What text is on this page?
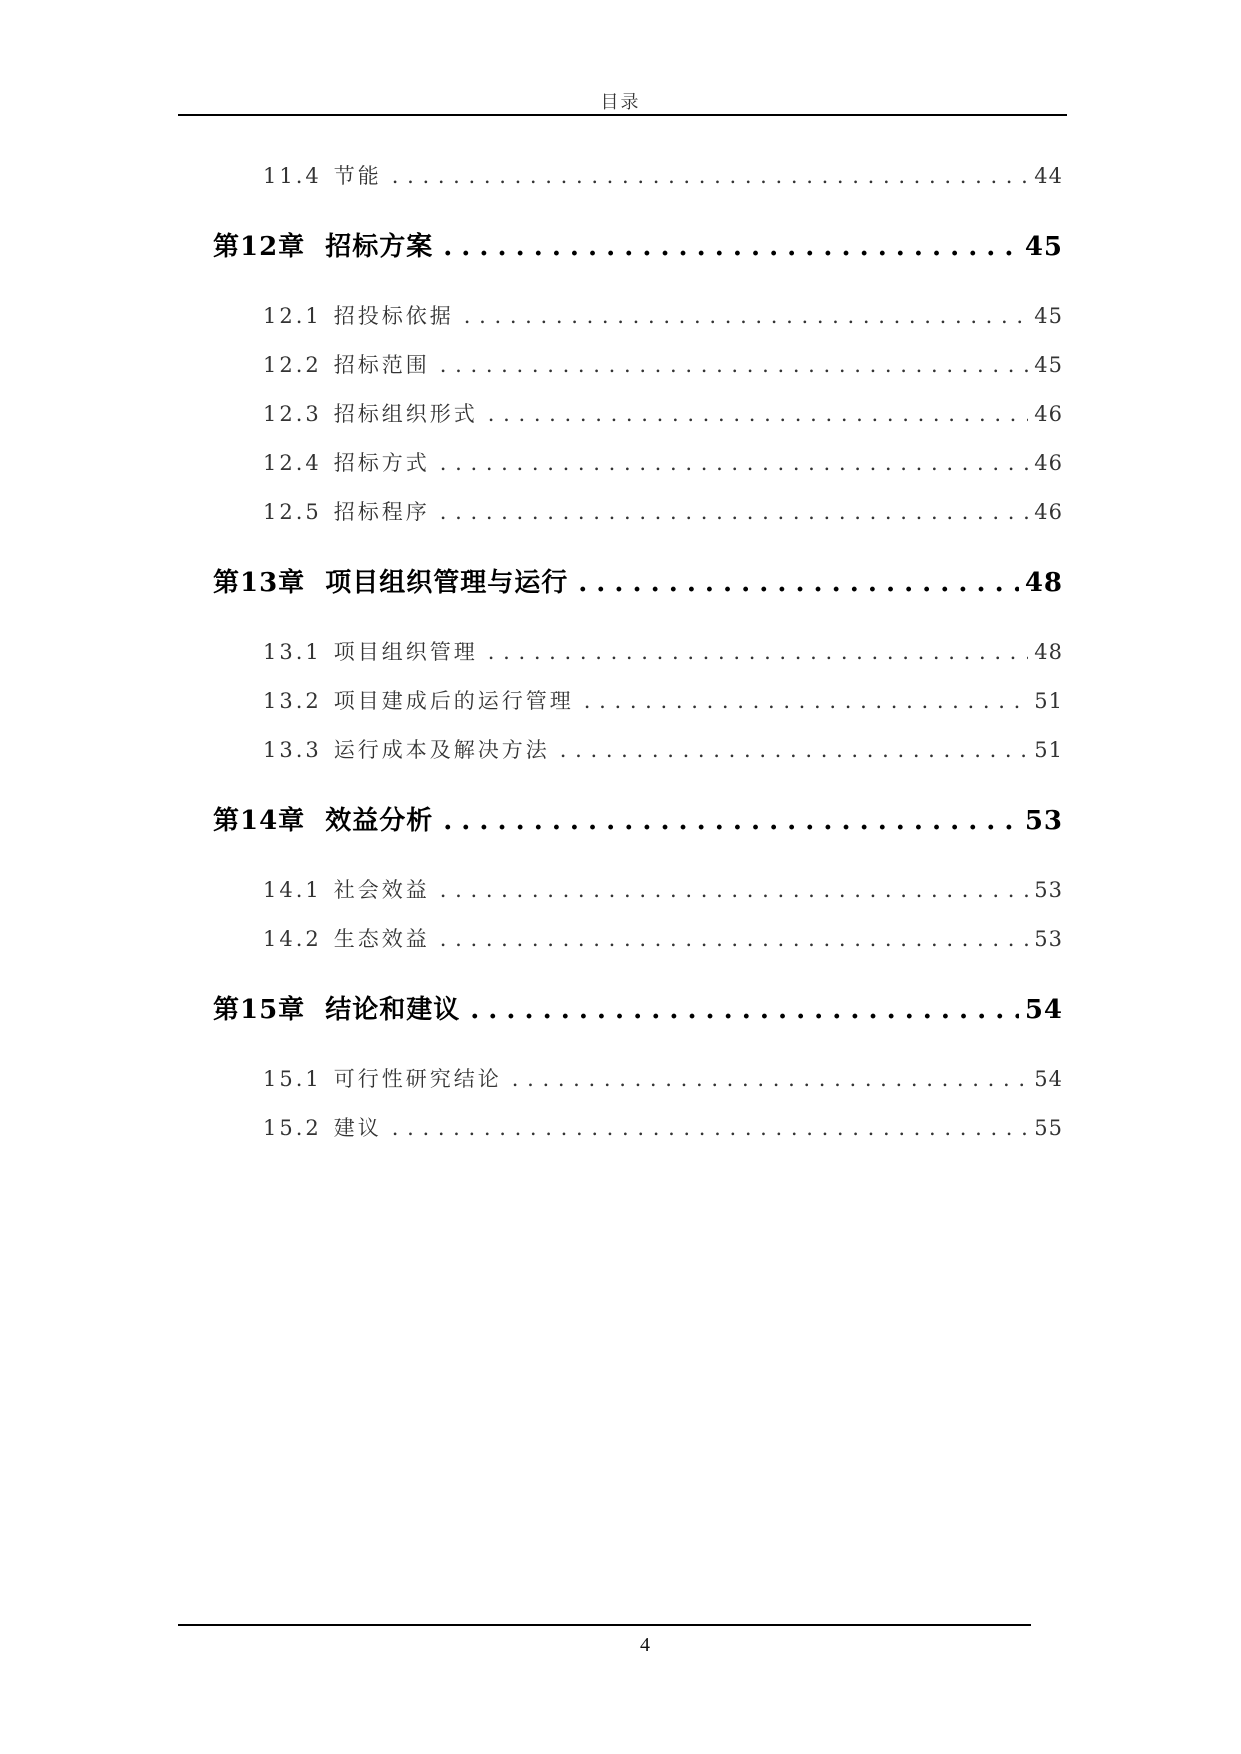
目录
11.4 节能 . . .	44
第12章 招标方案 . . .	45
12.1 招投标依据 . . .	45
12.2 招标范围 . . .	45
12.3 招标组织形式 . . .	46
12.4 招标方式 . . .	46
12.5 招标程序 . . .	46
第13章 项目组织管理与运行 . . .	48
13.1 项目组织管理 . . .	48
13.2 项目建成后的运行管理 . . .	51
13.3 运行成本及解决方法 . . .	51
第14章 效益分析 . . .	53
14.1 社会效益 . . .	53
14.2 生态效益 . . .	53
第15章 结论和建议 . . .	54
15.1 可行性研究结论 . . .	54
15.2 建议 . . .	55
4
